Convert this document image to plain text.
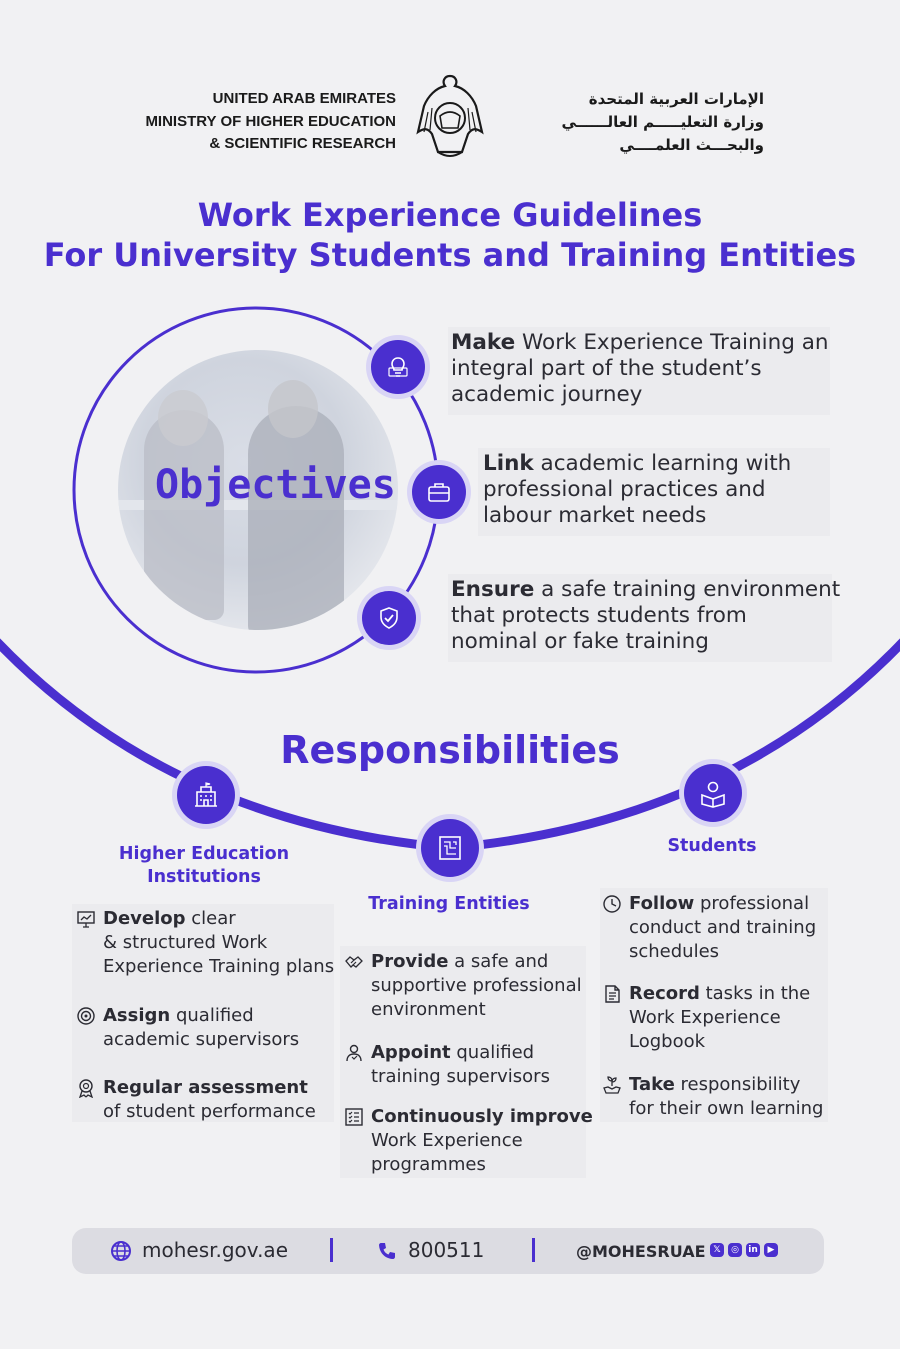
UNITED ARAB EMIRATES
MINISTRY OF HIGHER EDUCATION
& SCIENTIFIC RESEARCH
الإمارات العربية المتحدة
وزارة التعليـــــم العالــــــي
والبحـــث العلمــــي
Work Experience Guidelines
For University Students and Training Entities
Objectives
Make Work Experience Training an
integral part of the student’s
academic journey
Link academic learning with
professional practices and
labour market needs
Ensure a safe training environment
that protects students from
nominal or fake training
Responsibilities
Higher Education
Institutions
Training Entities
Students
Develop clear
& structured Work
Experience Training plans
Assign qualified
academic supervisors
Regular assessment
of student performance
Provide a safe and
supportive professional
environment
Appoint qualified
training supervisors
Continuously improve
Work Experience
programmes
Follow professional
conduct and training
schedules
Record tasks in the
Work Experience
Logbook
Take responsibility
for their own learning
mohesr.gov.ae	800511	@MOHESRUAE 𝕏	◎	in	▶
